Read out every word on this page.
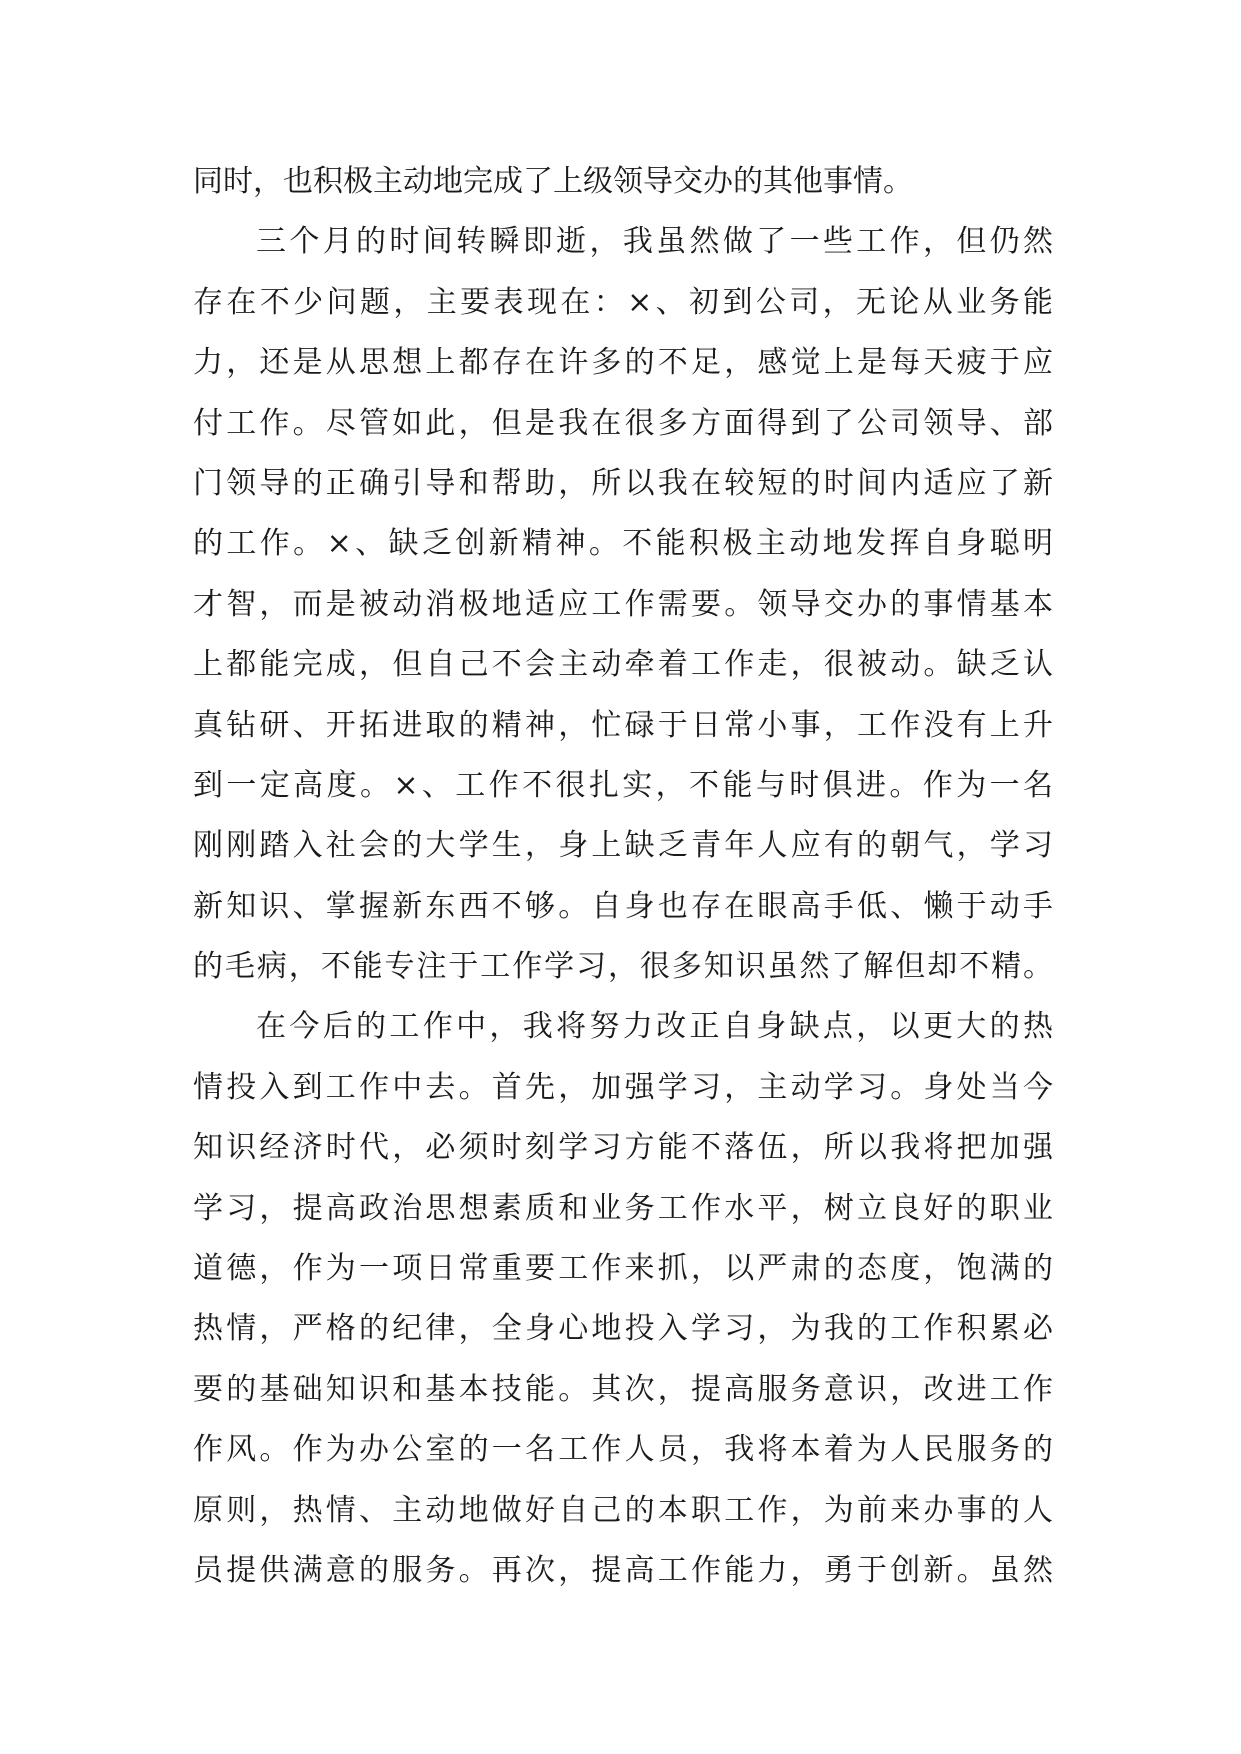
同时，也积极主动地完成了上级领导交办的其他事情。
三个月的时间转瞬即逝，我虽然做了一些工作，但仍然
存在不少问题，主要表现在：×、初到公司，无论从业务能
力，还是从思想上都存在许多的不足，感觉上是每天疲于应
付工作。尽管如此，但是我在很多方面得到了公司领导、部
门领导的正确引导和帮助，所以我在较短的时间内适应了新
的工作。×、缺乏创新精神。不能积极主动地发挥自身聪明
才智，而是被动消极地适应工作需要。领导交办的事情基本
上都能完成，但自己不会主动牵着工作走，很被动。缺乏认
真钻研、开拓进取的精神，忙碌于日常小事，工作没有上升
到一定高度。×、工作不很扎实，不能与时俱进。作为一名
刚刚踏入社会的大学生，身上缺乏青年人应有的朝气，学习
新知识、掌握新东西不够。自身也存在眼高手低、懒于动手
的毛病，不能专注于工作学习，很多知识虽然了解但却不精。
在今后的工作中，我将努力改正自身缺点，以更大的热
情投入到工作中去。首先，加强学习，主动学习。身处当今
知识经济时代，必须时刻学习方能不落伍，所以我将把加强
学习，提高政治思想素质和业务工作水平，树立良好的职业
道德，作为一项日常重要工作来抓，以严肃的态度，饱满的
热情，严格的纪律，全身心地投入学习，为我的工作积累必
要的基础知识和基本技能。其次，提高服务意识，改进工作
作风。作为办公室的一名工作人员，我将本着为人民服务的
原则，热情、主动地做好自己的本职工作，为前来办事的人
员提供满意的服务。再次，提高工作能力，勇于创新。虽然
